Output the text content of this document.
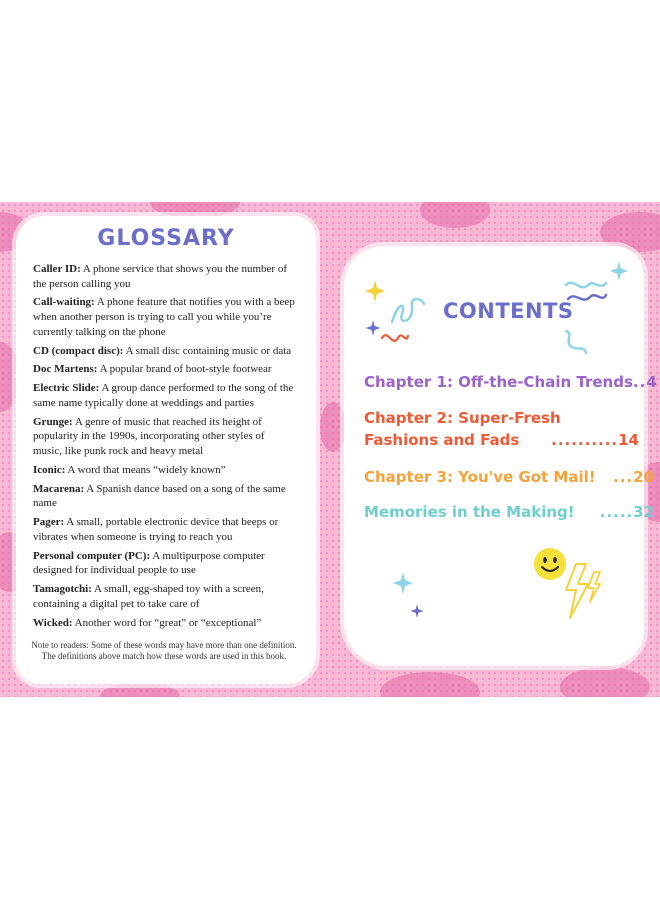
GLOSSARY

Caller ID: A phone service that shows you the number of the person calling you

Call-waiting: A phone feature that notifies you with a beep when another person is trying to call you while you’re currently talking on the phone

CD (compact disc): A small disc containing music or data

Doc Martens: A popular brand of boot-style footwear

Electric Slide: A group dance performed to the song of the same name typically done at weddings and parties

Grunge: A genre of music that reached its height of popularity in the 1990s, incorporating other styles of music, like punk rock and heavy metal

Iconic: A word that means “widely known”

Macarena: A Spanish dance based on a song of the same name

Pager: A small, portable electronic device that beeps or vibrates when someone is trying to reach you

Personal computer (PC): A multipurpose computer designed for individual people to use

Tamagotchi: A small, egg-shaped toy with a screen, containing a digital pet to take care of

Wicked: Another word for “great” or “exceptional”

Note to readers: Some of these words may have more than one definition. The definitions above match how these words are used in this book.

CONTENTS
Chapter 1: Off-the-Chain Trends ..4
Chapter 2: Super-Fresh
Fashions and Fads ..........14
Chapter 3: You've Got Mail! ...20
Memories in the Making! .....32
